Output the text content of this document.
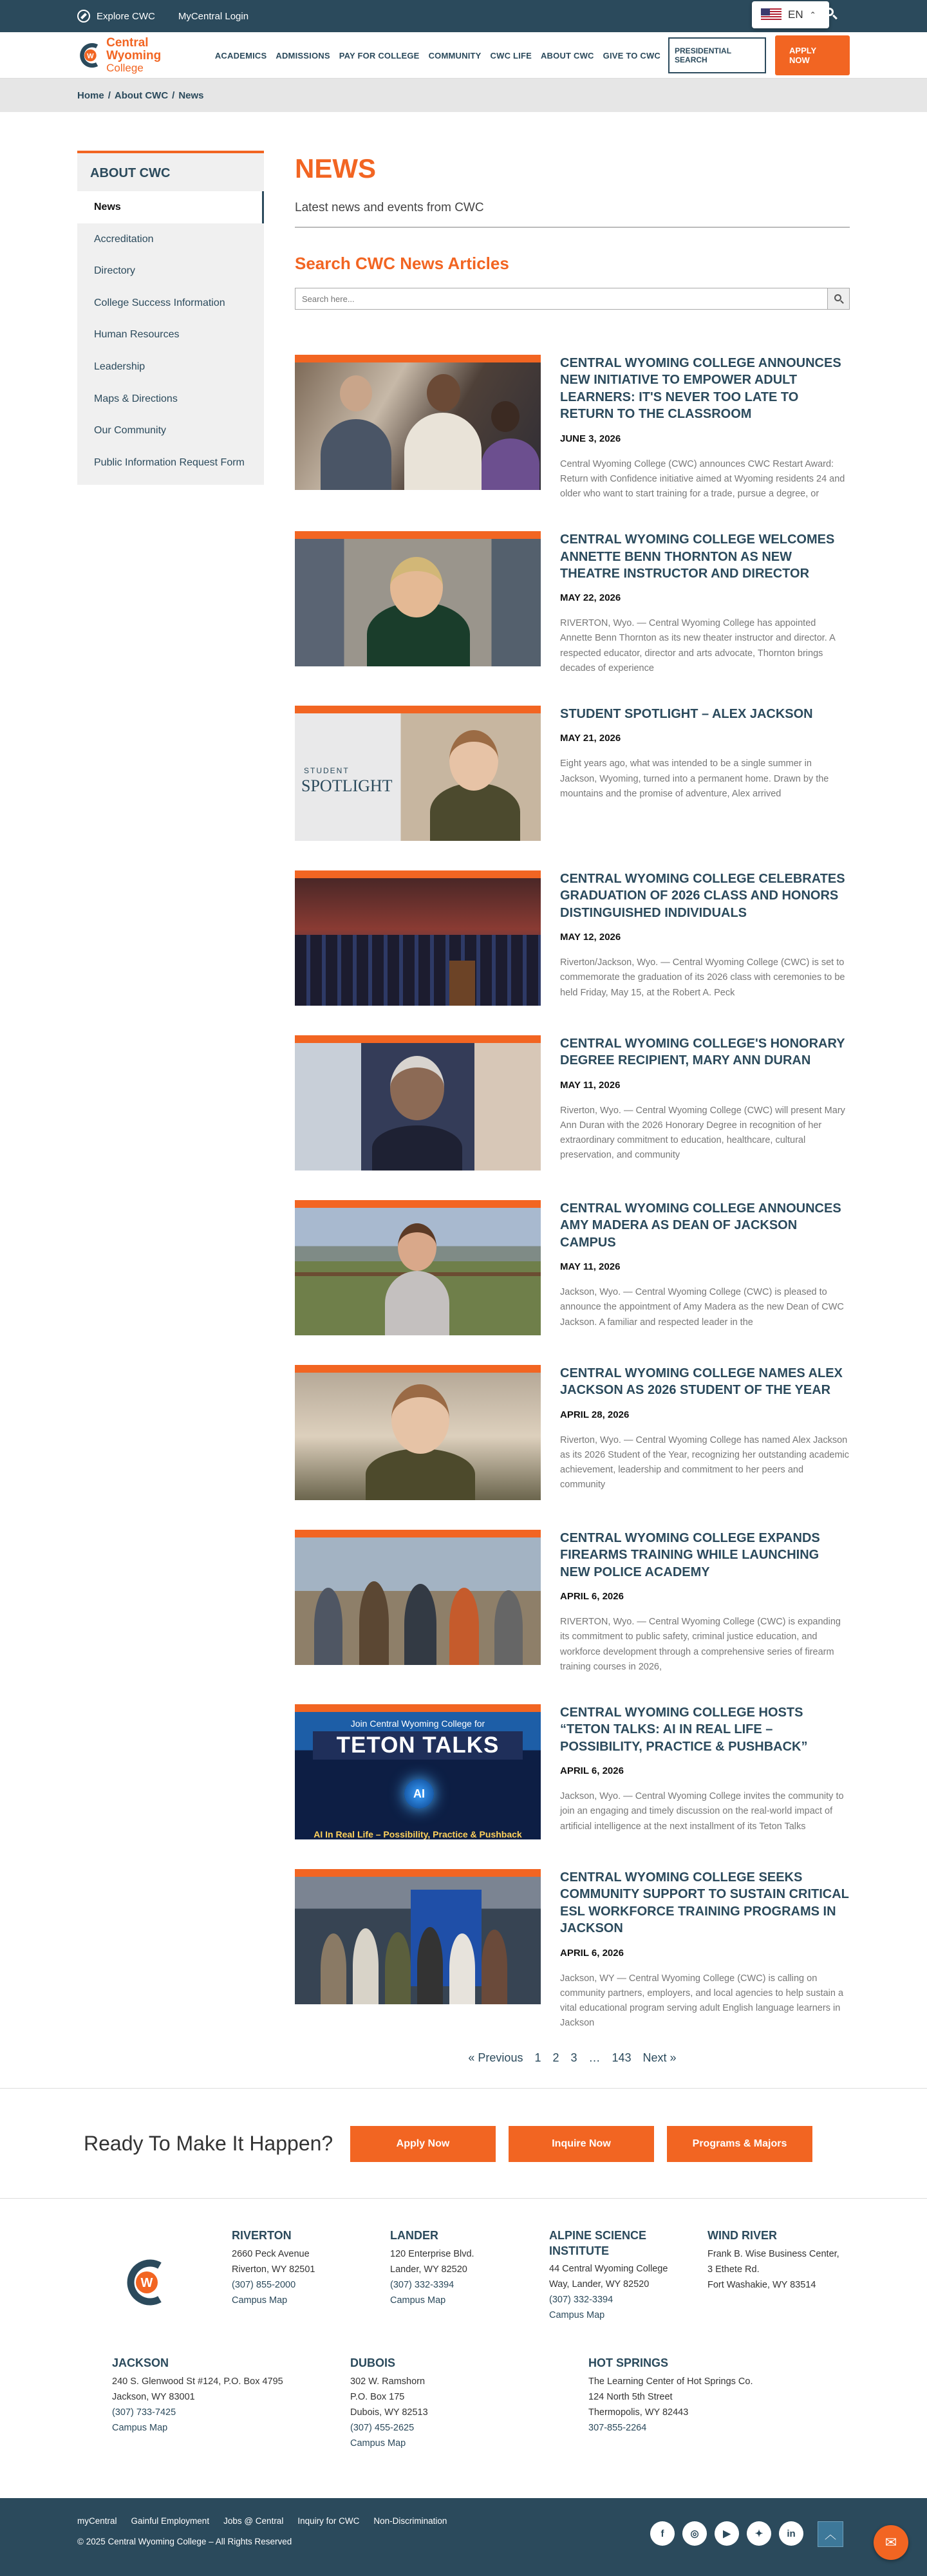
Explore CWC MyCentral Login	EN ⌃
W
Central Wyoming
College
ACADEMICS ADMISSIONS PAY FOR COLLEGE COMMUNITY CWC LIFE ABOUT CWC GIVE TO CWC	PRESIDENTIAL SEARCH
APPLY NOW
Home / About CWC / News
ABOUT CWC
News
Accreditation
Directory
College Success Information
Human Resources
Leadership
Maps & Directions
Our Community
Public Information Request Form
NEWS

Latest news and events from CWC

Search CWC News Articles
Search here...
CENTRAL WYOMING COLLEGE ANNOUNCES NEW INITIATIVE TO EMPOWER ADULT LEARNERS: IT'S NEVER TOO LATE TO RETURN TO THE CLASSROOM
JUNE 3, 2026

Central Wyoming College (CWC) announces CWC Restart Award: Return with Confidence initiative aimed at Wyoming residents 24 and older who want to start training for a trade, pursue a degree, or

CENTRAL WYOMING COLLEGE WELCOMES ANNETTE BENN THORNTON AS NEW THEATRE INSTRUCTOR AND DIRECTOR
MAY 22, 2026

RIVERTON, Wyo. — Central Wyoming College has appointed Annette Benn Thornton as its new theater instructor and director. A respected educator, director and arts advocate, Thornton brings decades of experience

STUDENT
SPOTLIGHT
STUDENT SPOTLIGHT – ALEX JACKSON
MAY 21, 2026

Eight years ago, what was intended to be a single summer in Jackson, Wyoming, turned into a permanent home. Drawn by the mountains and the promise of adventure, Alex arrived

CENTRAL WYOMING COLLEGE CELEBRATES GRADUATION OF 2026 CLASS AND HONORS DISTINGUISHED INDIVIDUALS
MAY 12, 2026

Riverton/Jackson, Wyo. — Central Wyoming College (CWC) is set to commemorate the graduation of its 2026 class with ceremonies to be held Friday, May 15, at the Robert A. Peck

CENTRAL WYOMING COLLEGE'S HONORARY DEGREE RECIPIENT, MARY ANN DURAN
MAY 11, 2026

Riverton, Wyo. — Central Wyoming College (CWC) will present Mary Ann Duran with the 2026 Honorary Degree in recognition of her extraordinary commitment to education, healthcare, cultural preservation, and community

CENTRAL WYOMING COLLEGE ANNOUNCES AMY MADERA AS DEAN OF JACKSON CAMPUS
MAY 11, 2026

Jackson, Wyo. — Central Wyoming College (CWC) is pleased to announce the appointment of Amy Madera as the new Dean of CWC Jackson. A familiar and respected leader in the

CENTRAL WYOMING COLLEGE NAMES ALEX JACKSON AS 2026 STUDENT OF THE YEAR
APRIL 28, 2026

Riverton, Wyo. — Central Wyoming College has named Alex Jackson as its 2026 Student of the Year, recognizing her outstanding academic achievement, leadership and commitment to her peers and community

CENTRAL WYOMING COLLEGE EXPANDS FIREARMS TRAINING WHILE LAUNCHING NEW POLICE ACADEMY
APRIL 6, 2026

RIVERTON, Wyo. — Central Wyoming College (CWC) is expanding its commitment to public safety, criminal justice education, and workforce development through a comprehensive series of firearm training courses in 2026,

Join Central Wyoming College for
TETON TALKS
AI
AI In Real Life – Possibility, Practice & Pushback
CENTRAL WYOMING COLLEGE HOSTS “TETON TALKS: AI IN REAL LIFE – POSSIBILITY, PRACTICE & PUSHBACK”
APRIL 6, 2026

Jackson, Wyo. — Central Wyoming College invites the community to join an engaging and timely discussion on the real-world impact of artificial intelligence at the next installment of its Teton Talks

CENTRAL WYOMING COLLEGE SEEKS COMMUNITY SUPPORT TO SUSTAIN CRITICAL ESL WORKFORCE TRAINING PROGRAMS IN JACKSON
APRIL 6, 2026

Jackson, WY — Central Wyoming College (CWC) is calling on community partners, employers, and local agencies to help sustain a vital educational program serving adult English language learners in Jackson

« Previous 1 2 3 … 143 Next »
Ready To Make It Happen?	Apply Now	Inquire Now	Programs & Majors
W
RIVERTON
2660 Peck Avenue
Riverton, WY 82501
(307) 855-2000
Campus Map
LANDER
120 Enterprise Blvd.
Lander, WY 82520
(307) 332-3394
Campus Map
ALPINE SCIENCE INSTITUTE
44 Central Wyoming College
Way, Lander, WY 82520
(307) 332-3394
Campus Map
WIND RIVER
Frank B. Wise Business Center,
3 Ethete Rd.
Fort Washakie, WY 83514
JACKSON
240 S. Glenwood St #124, P.O. Box 4795
Jackson, WY 83001
(307) 733-7425
Campus Map
DUBOIS
302 W. Ramshorn
P.O. Box 175
Dubois, WY 82513
(307) 455-2625
Campus Map
HOT SPRINGS
The Learning Center of Hot Springs Co.
124 North 5th Street
Thermopolis, WY 82443
307-855-2264
myCentral Gainful Employment Jobs @ Central Inquiry for CWC Non-Discrimination
© 2025 Central Wyoming College – All Rights Reserved
f	◎	▶	✦	in	︿	✉
